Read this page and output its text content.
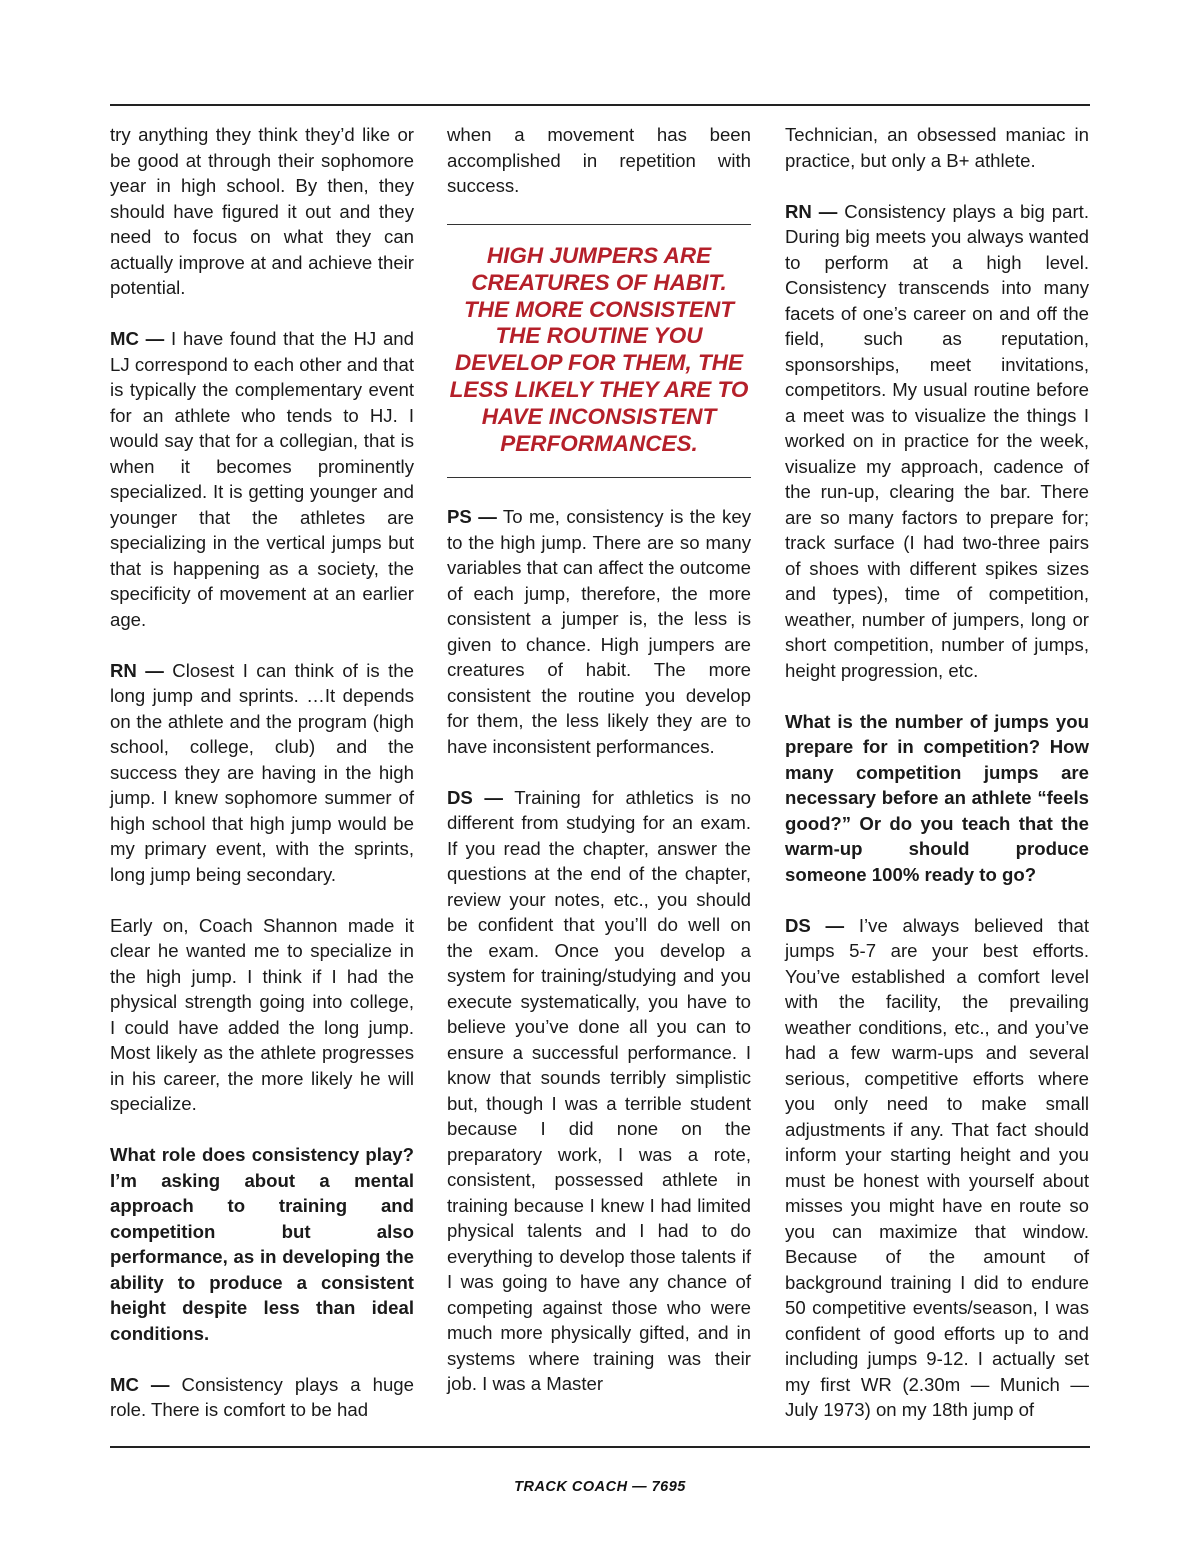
try anything they think they’d like or be good at through their sophomore year in high school. By then, they should have figured it out and they need to focus on what they can actually improve at and achieve their potential.

MC — I have found that the HJ and LJ correspond to each other and that is typically the complementary event for an athlete who tends to HJ. I would say that for a collegian, that is when it becomes prominently specialized. It is getting younger and younger that the athletes are specializing in the vertical jumps but that is happening as a society, the specificity of movement at an earlier age.

RN — Closest I can think of is the long jump and sprints. …It depends on the athlete and the program (high school, college, club) and the success they are having in the high jump. I knew sophomore summer of high school that high jump would be my primary event, with the sprints, long jump being secondary.

Early on, Coach Shannon made it clear he wanted me to specialize in the high jump. I think if I had the physical strength going into college, I could have added the long jump. Most likely as the athlete progresses in his career, the more likely he will specialize.

What role does consistency play? I’m asking about a mental approach to training and competition but also performance, as in developing the ability to produce a consistent height despite less than ideal conditions.

MC — Consistency plays a huge role. There is comfort to be had

when a movement has been accomplished in repetition with success.

HIGH JUMPERS ARE CREATURES OF HABIT. THE MORE CONSISTENT THE ROUTINE YOU DEVELOP FOR THEM, THE LESS LIKELY THEY ARE TO HAVE INCONSISTENT PERFORMANCES.

PS — To me, consistency is the key to the high jump. There are so many variables that can affect the outcome of each jump, therefore, the more consistent a jumper is, the less is given to chance. High jumpers are creatures of habit. The more consistent the routine you develop for them, the less likely they are to have inconsistent performances.

DS — Training for athletics is no different from studying for an exam. If you read the chapter, answer the questions at the end of the chapter, review your notes, etc., you should be confident that you’ll do well on the exam. Once you develop a system for training/studying and you execute systematically, you have to believe you’ve done all you can to ensure a successful performance. I know that sounds terribly simplistic but, though I was a terrible student because I did none on the preparatory work, I was a rote, consistent, possessed athlete in training because I knew I had limited physical talents and I had to do everything to develop those talents if I was going to have any chance of competing against those who were much more physically gifted, and in systems where training was their job. I was a Master

Technician, an obsessed maniac in practice, but only a B+ athlete.

RN — Consistency plays a big part. During big meets you always wanted to perform at a high level. Consistency transcends into many facets of one’s career on and off the field, such as reputation, sponsorships, meet invitations, competitors. My usual routine before a meet was to visualize the things I worked on in practice for the week, visualize my approach, cadence of the run-up, clearing the bar. There are so many factors to prepare for; track surface (I had two-three pairs of shoes with different spikes sizes and types), time of competition, weather, number of jumpers, long or short competition, number of jumps, height progression, etc.

What is the number of jumps you prepare for in competition? How many competition jumps are necessary before an athlete “feels good?” Or do you teach that the warm-up should produce someone 100% ready to go?

DS — I’ve always believed that jumps 5-7 are your best efforts. You’ve established a comfort level with the facility, the prevailing weather conditions, etc., and you’ve had a few warm-ups and several serious, competitive efforts where you only need to make small adjustments if any. That fact should inform your starting height and you must be honest with yourself about misses you might have en route so you can maximize that window. Because of the amount of background training I did to endure 50 competitive events/season, I was confident of good efforts up to and including jumps 9-12. I actually set my first WR (2.30m — Munich — July 1973) on my 18th jump of

TRACK COACH — 7695
